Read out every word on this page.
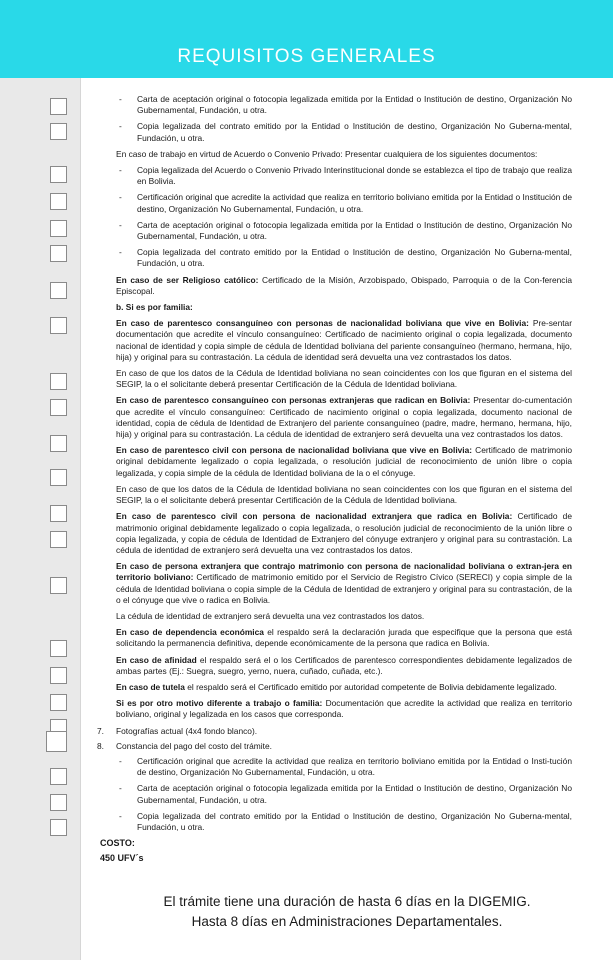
REQUISITOS GENERALES
- Carta de aceptación original o fotocopia legalizada emitida por la Entidad o Institución de destino, Organización No Gubernamental, Fundación, u otra.
- Copia legalizada del contrato emitido por la Entidad o Institución de destino, Organización No Guberna-mental, Fundación, u otra.
En caso de trabajo en virtud de Acuerdo o Convenio Privado: Presentar cualquiera de los siguientes documentos:
- Copia legalizada del Acuerdo o Convenio Privado Interinstitucional donde se establezca el tipo de trabajo que realiza en Bolivia.
- Certificación original que acredite la actividad que realiza en territorio boliviano emitida por la Entidad o Institución de destino, Organización No Gubernamental, Fundación, u otra.
- Carta de aceptación original o fotocopia legalizada emitida por la Entidad o Institución de destino, Organización No Gubernamental, Fundación, u otra.
- Copia legalizada del contrato emitido por la Entidad o Institución de destino, Organización No Guberna-mental, Fundación, u otra.
En caso de ser Religioso católico: Certificado de la Misión, Arzobispado, Obispado, Parroquia o de la Con-ferencia Episcopal.
b. Si es por familia:
En caso de parentesco consanguíneo con personas de nacionalidad boliviana que vive en Bolivia: Pre-sentar documentación que acredite el vínculo consanguíneo: Certificado de nacimiento original o copia legalizada, documento nacional de identidad y copia simple de cédula de Identidad boliviana del pariente consanguíneo (hermano, hermana, hijo, hija) y original para su contrastación. La cédula de identidad será devuelta una vez contrastados los datos.
En caso de que los datos de la Cédula de Identidad boliviana no sean coincidentes con los que figuran en el sistema del SEGIP, la o el solicitante deberá presentar Certificación de la Cédula de Identidad boliviana.
En caso de parentesco consanguíneo con personas extranjeras que radican en Bolivia: Presentar do-cumentación que acredite el vínculo consanguíneo: Certificado de nacimiento original o copia legalizada, documento nacional de identidad, copia de cédula de Identidad de Extranjero del pariente consanguíneo (padre, madre, hermano, hermana, hijo, hija) y original para su contrastación. La cédula de identidad de extranjero será devuelta una vez contrastados los datos.
En caso de parentesco civil con persona de nacionalidad boliviana que vive en Bolivia: Certificado de matrimonio original debidamente legalizado o copia legalizada, o resolución judicial de reconocimiento de unión libre o copia legalizada, y copia simple de la cédula de Identidad boliviana de la o el cónyuge.
En caso de que los datos de la Cédula de Identidad boliviana no sean coincidentes con los que figuran en el sistema del SEGIP, la o el solicitante deberá presentar Certificación de la Cédula de Identidad boliviana.
En caso de parentesco civil con persona de nacionalidad extranjera que radica en Bolivia: Certificado de matrimonio original debidamente legalizado o copia legalizada, o resolución judicial de reconocimiento de la unión libre o copia legalizada, y copia de cédula de Identidad de Extranjero del cónyuge extranjero y original para su contrastación. La cédula de identidad de extranjero será devuelta una vez contrastados los datos.
En caso de persona extranjera que contrajo matrimonio con persona de nacionalidad boliviana o extran-jera en territorio boliviano: Certificado de matrimonio emitido por el Servicio de Registro Cívico (SERECI) y copia simple de la cédula de Identidad boliviana o copia simple de la Cédula de Identidad de extranjero y original para su contrastación, de la o el cónyuge que vive o radica en Bolivia.
La cédula de identidad de extranjero será devuelta una vez contrastados los datos.
En caso de dependencia económica el respaldo será la declaración jurada que especifique que la persona que está solicitando la permanencia definitiva, depende económicamente de la persona que radica en Bolivia.
En caso de afinidad el respaldo será el o los Certificados de parentesco correspondientes debidamente legalizados de ambas partes (Ej.: Suegra, suegro, yerno, nuera, cuñado, cuñada, etc.).
En caso de tutela el respaldo será el Certificado emitido por autoridad competente de Bolivia debidamente legalizado.
Si es por otro motivo diferente a trabajo o familia: Documentación que acredite la actividad que realiza en territorio boliviano, original y legalizada en los casos que corresponda.
7. Fotografías actual (4x4 fondo blanco).
8. Constancia del pago del costo del trámite.
- Certificación original que acredite la actividad que realiza en territorio boliviano emitida por la Entidad o Insti-tución de destino, Organización No Gubernamental, Fundación, u otra.
- Carta de aceptación original o fotocopia legalizada emitida por la Entidad o Institución de destino, Organización No Gubernamental, Fundación, u otra.
- Copia legalizada del contrato emitido por la Entidad o Institución de destino, Organización No Guberna-mental, Fundación, u otra.
COSTO:
450 UFV´s
El trámite tiene una duración de hasta 6 días en la DIGEMIG.
Hasta 8 días en Administraciones Departamentales.
